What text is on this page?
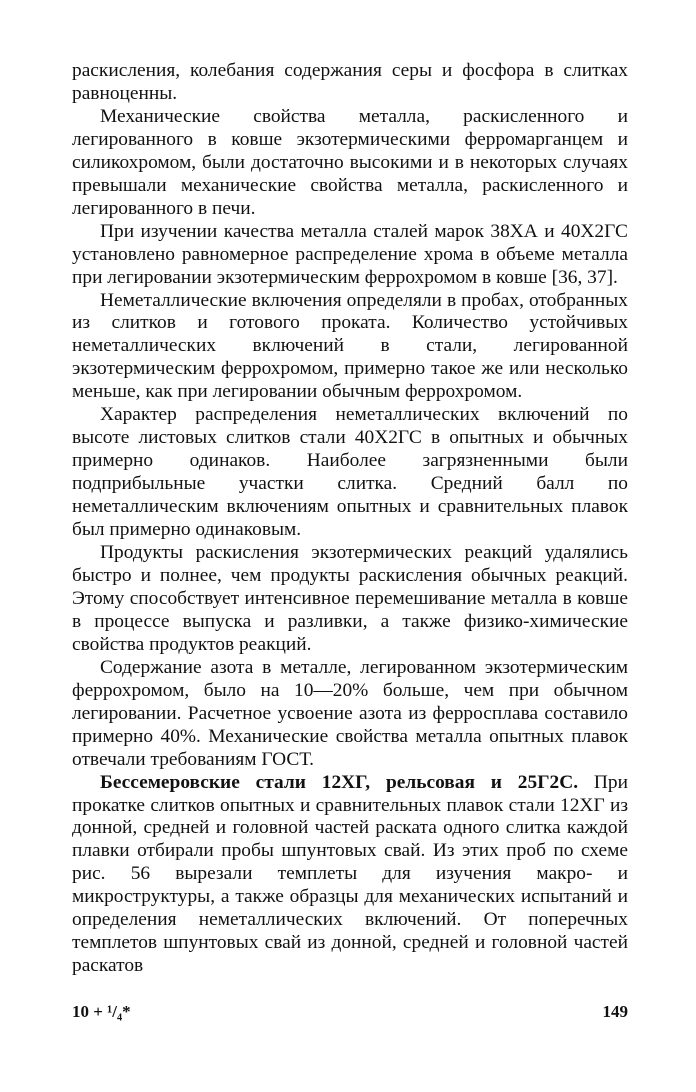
раскисления, колебания содержания серы и фосфора в слитках равноценны.

Механические свойства металла, раскисленного и легированного в ковше экзотермическими ферромарганцем и силикохромом, были достаточно высокими и в некоторых случаях превышали механические свойства металла, раскисленного и легированного в печи.

При изучении качества металла сталей марок 38ХА и 40Х2ГС установлено равномерное распределение хрома в объеме металла при легировании экзотермическим феррохромом в ковше [36, 37].

Неметаллические включения определяли в пробах, отобранных из слитков и готового проката. Количество устойчивых неметаллических включений в стали, легированной экзотермическим феррохромом, примерно такое же или несколько меньше, как при легировании обычным феррохромом.

Характер распределения неметаллических включений по высоте листовых слитков стали 40Х2ГС в опытных и обычных примерно одинаков. Наиболее загрязненными были подприбыльные участки слитка. Средний балл по неметаллическим включениям опытных и сравнительных плавок был примерно одинаковым.

Продукты раскисления экзотермических реакций удалялись быстро и полнее, чем продукты раскисления обычных реакций. Этому способствует интенсивное перемешивание металла в ковше в процессе выпуска и разливки, а также физико-химические свойства продуктов реакций.

Содержание азота в металле, легированном экзотермическим феррохромом, было на 10—20% больше, чем при обычном легировании. Расчетное усвоение азота из ферросплава составило примерно 40%. Механические свойства металла опытных плавок отвечали требованиям ГОСТ.

Бессемеровские стали 12ХГ, рельсовая и 25Г2С. При прокатке слитков опытных и сравнительных плавок стали 12ХГ из донной, средней и головной частей раската одного слитка каждой плавки отбирали пробы шпунтовых свай. Из этих проб по схеме рис. 56 вырезали темплеты для изучения макро- и микроструктуры, а также образцы для механических испытаний и определения неметаллических включений. От поперечных темплетов шпунтовых свай из донной, средней и головной частей раскатов

10 + ¹/₄*	149
